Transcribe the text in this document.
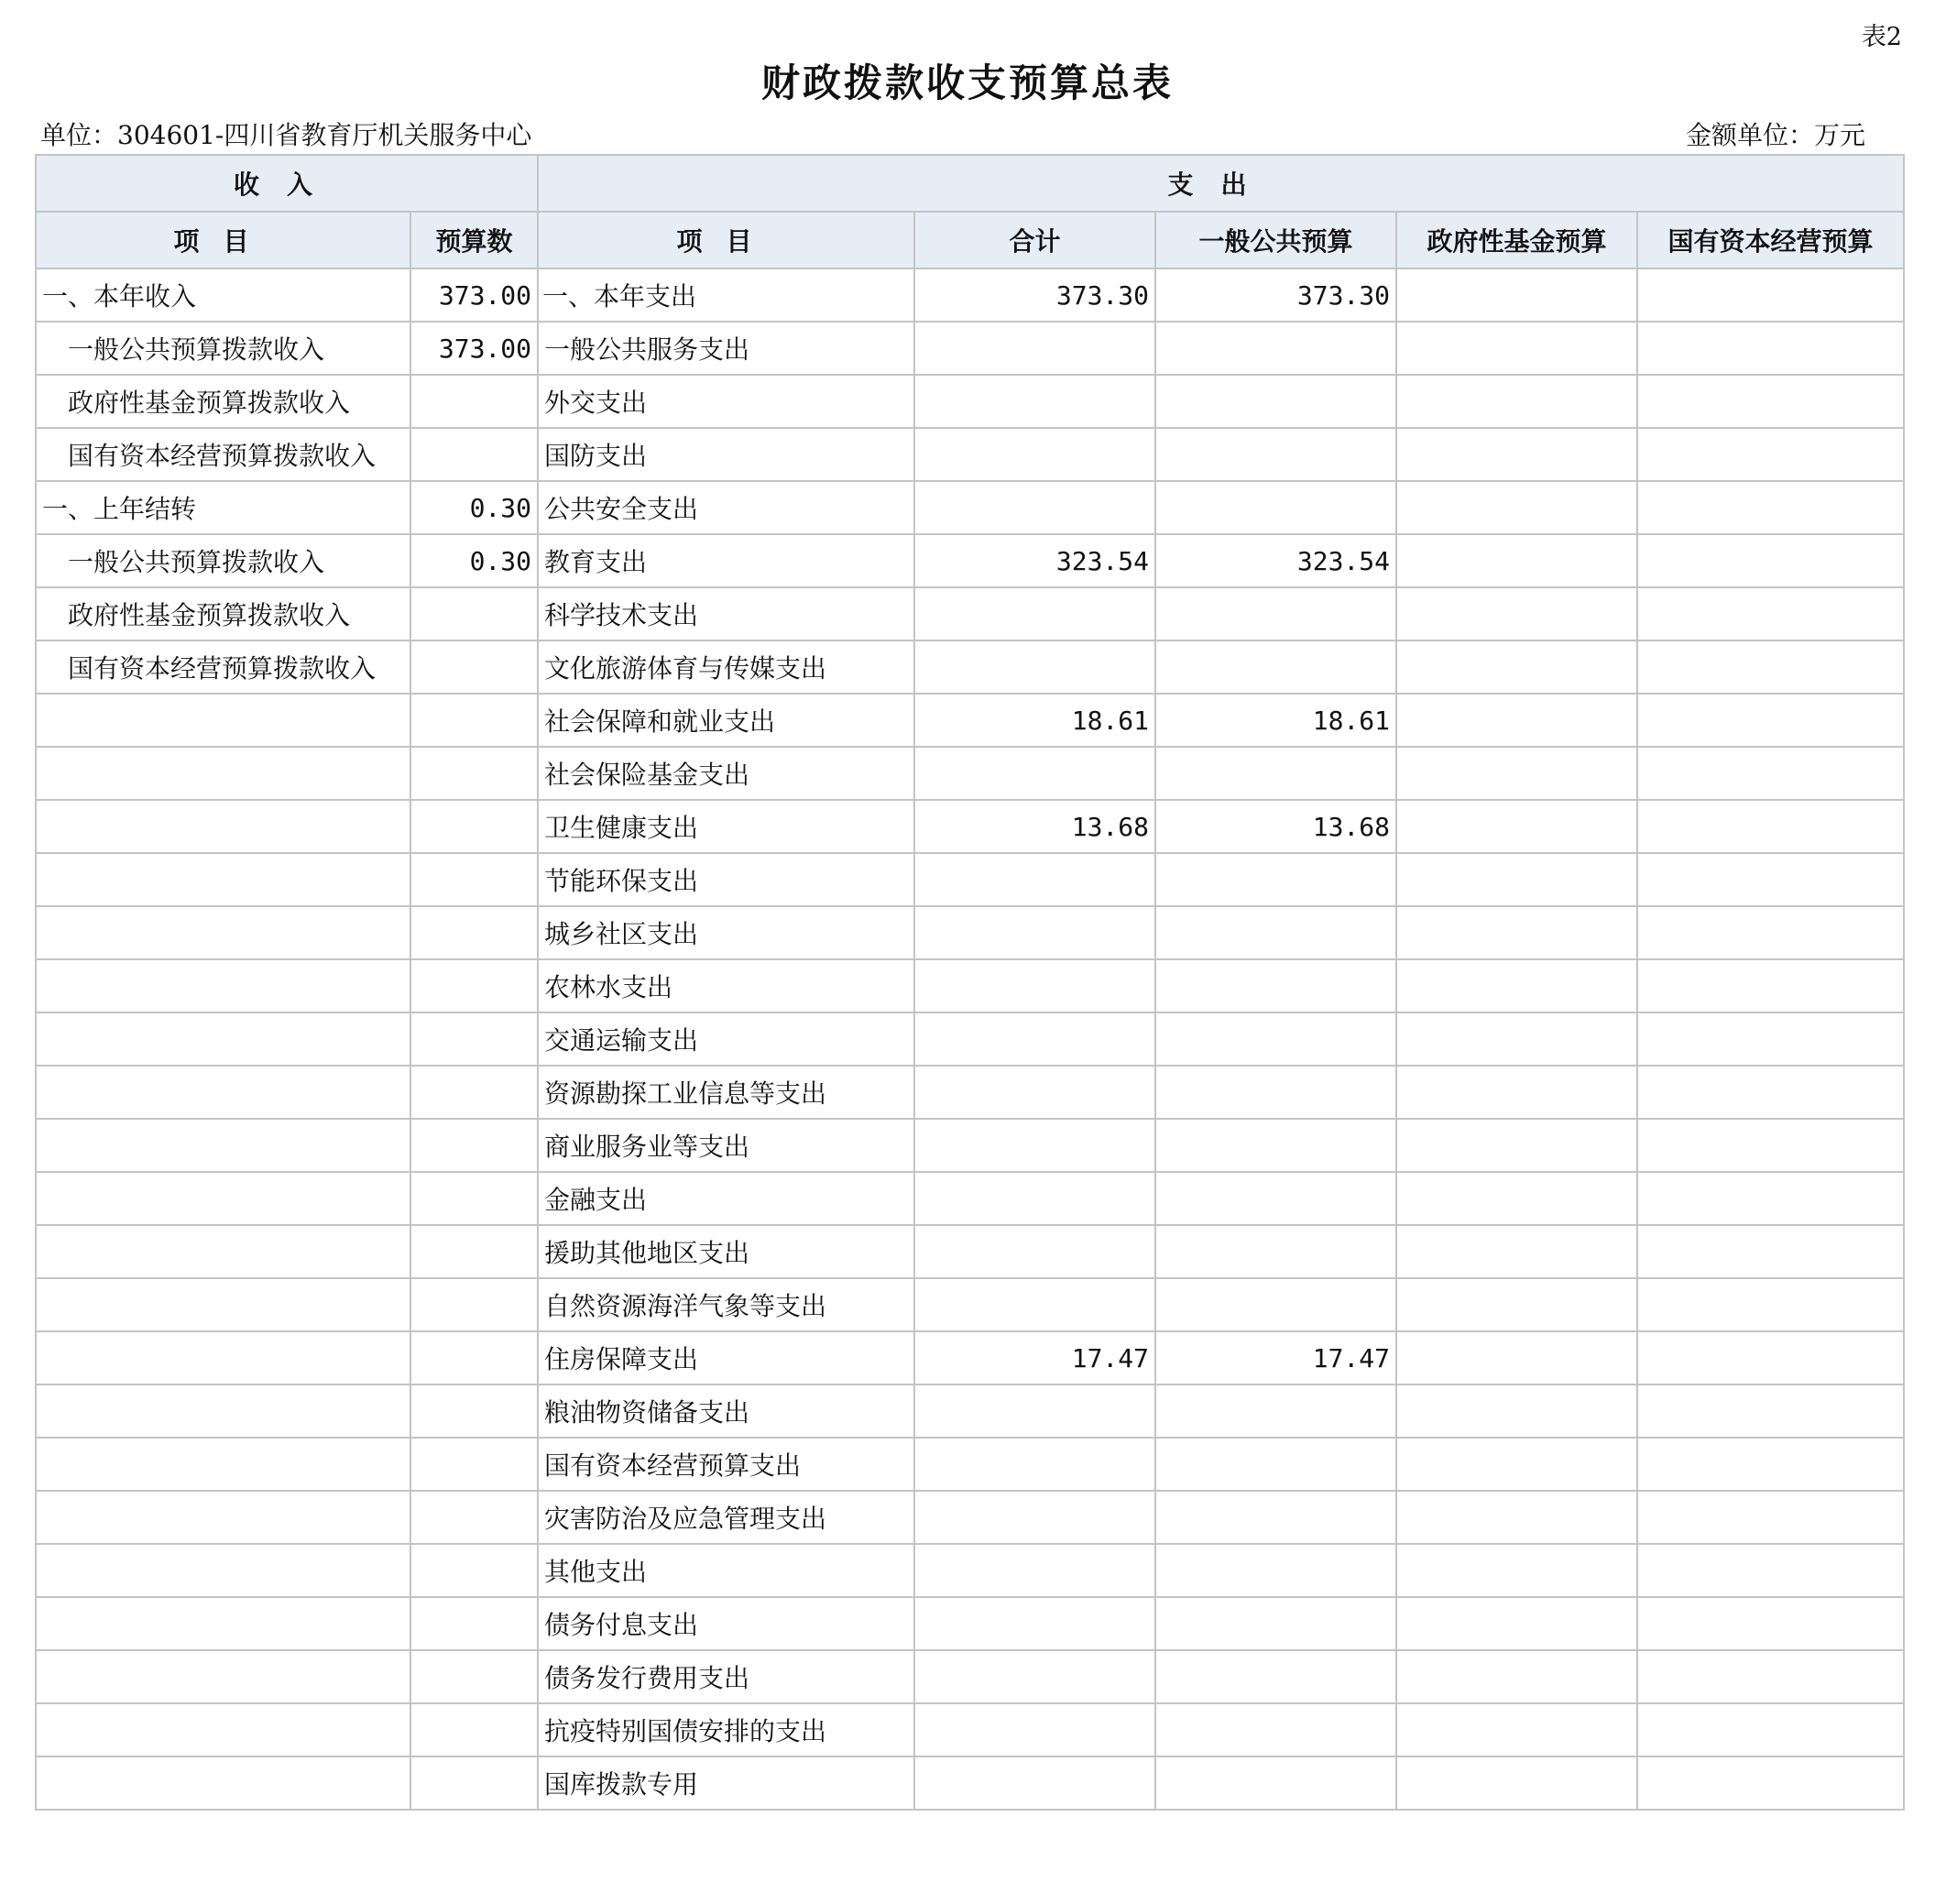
表2
财政拨款收支预算总表
单位：304601-四川省教育厅机关服务中心	金额单位：万元
收入		支出				
项目	预算数	项目	合计	一般公共预算	政府性基金预算	国有资本经营预算
一、本年收入	373.00	一、本年支出	373.30	373.30		
一般公共预算拨款收入	373.00	一般公共服务支出				
政府性基金预算拨款收入		外交支出				
国有资本经营预算拨款收入		国防支出				
一、上年结转	0.30	公共安全支出				
一般公共预算拨款收入	0.30	教育支出	323.54	323.54		
政府性基金预算拨款收入		科学技术支出				
国有资本经营预算拨款收入		文化旅游体育与传媒支出				
		社会保障和就业支出	18.61	18.61		
		社会保险基金支出				
		卫生健康支出	13.68	13.68		
		节能环保支出				
		城乡社区支出				
		农林水支出				
		交通运输支出				
		资源勘探工业信息等支出				
		商业服务业等支出				
		金融支出				
		援助其他地区支出				
		自然资源海洋气象等支出				
		住房保障支出	17.47	17.47		
		粮油物资储备支出				
		国有资本经营预算支出				
		灾害防治及应急管理支出				
		其他支出				
		债务付息支出				
		债务发行费用支出				
		抗疫特别国债安排的支出				
		国库拨款专用				
